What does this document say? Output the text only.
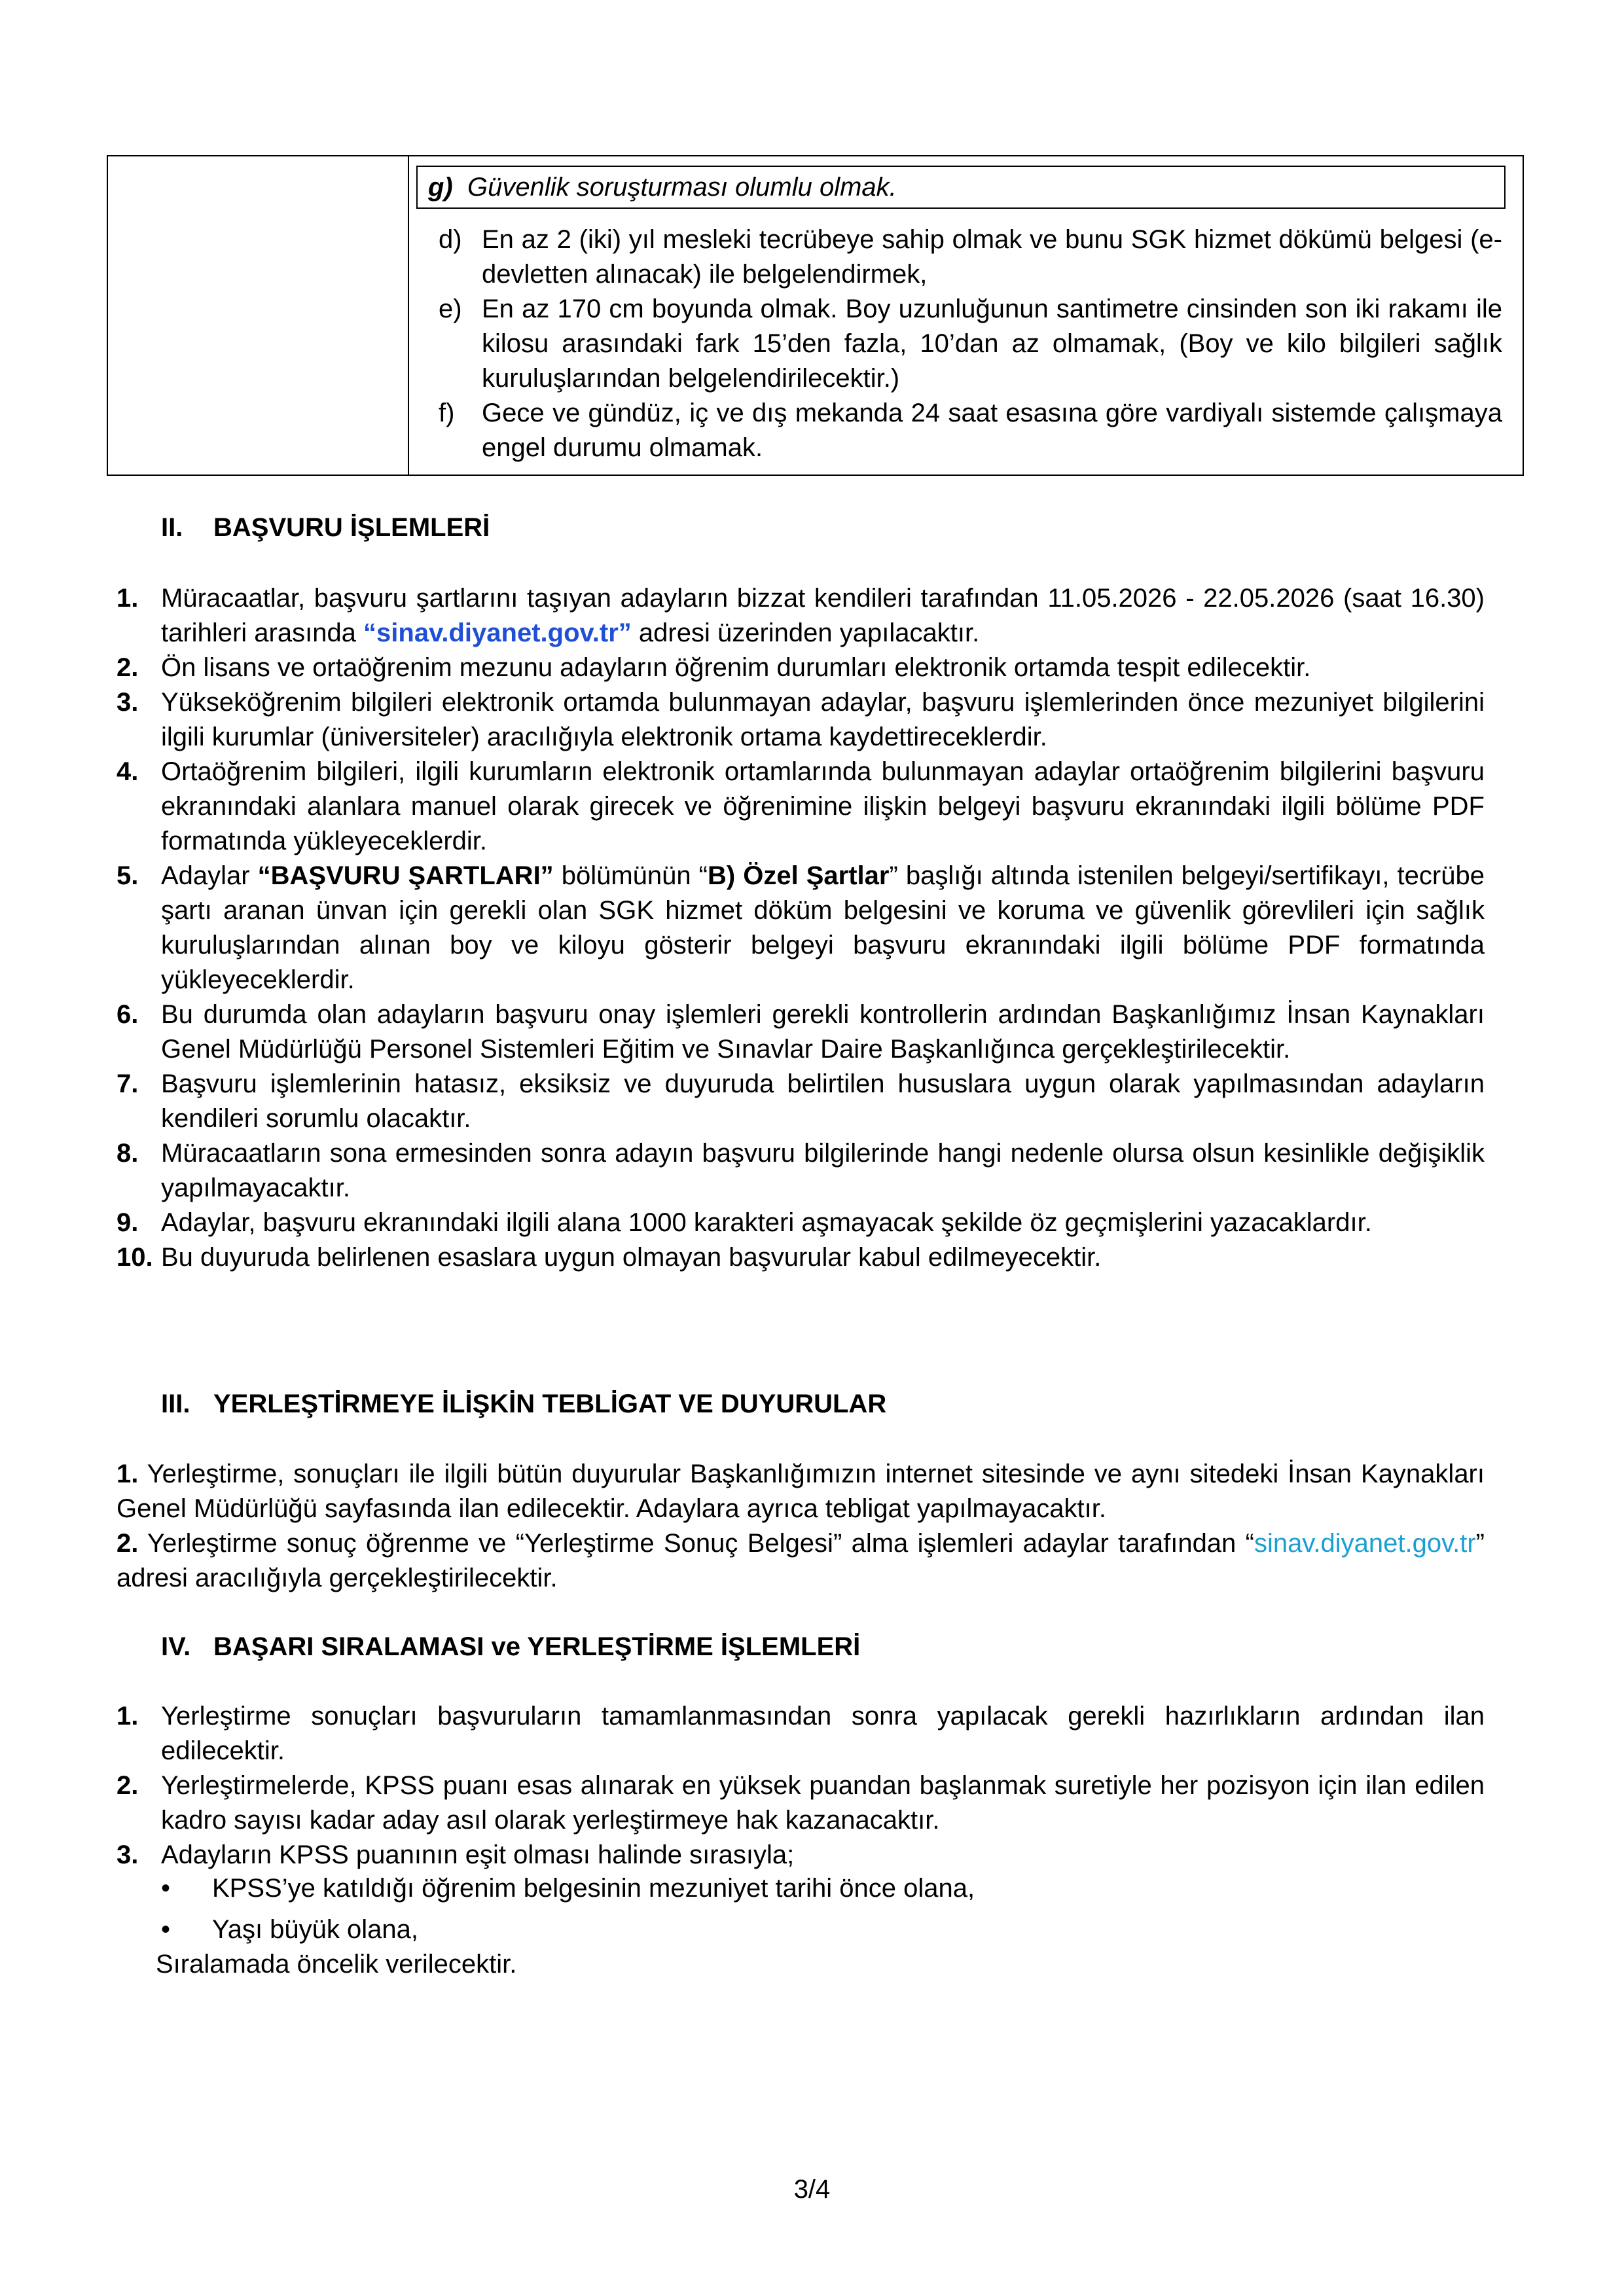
g) Güvenlik soruşturması olumlu olmak.
d) En az 2 (iki) yıl mesleki tecrübeye sahip olmak ve bunu SGK hizmet dökümü belgesi (e-devletten alınacak) ile belgelendirmek,
e) En az 170 cm boyunda olmak. Boy uzunluğunun santimetre cinsinden son iki rakamı ile kilosu arasındaki fark 15’den fazla, 10’dan az olmamak, (Boy ve kilo bilgileri sağlık kuruluşlarından belgelendirilecektir.)
f) Gece ve gündüz, iç ve dış mekanda 24 saat esasına göre vardiyalı sistemde çalışmaya engel durumu olmamak.
II. BAŞVURU İŞLEMLERİ
1. Müracaatlar, başvuru şartlarını taşıyan adayların bizzat kendileri tarafından 11.05.2026 - 22.05.2026 (saat 16.30) tarihleri arasında “sinav.diyanet.gov.tr” adresi üzerinden yapılacaktır.
2. Ön lisans ve ortaöğrenim mezunu adayların öğrenim durumları elektronik ortamda tespit edilecektir.
3. Yükseköğrenim bilgileri elektronik ortamda bulunmayan adaylar, başvuru işlemlerinden önce mezuniyet bilgilerini ilgili kurumlar (üniversiteler) aracılığıyla elektronik ortama kaydettireceklerdir.
4. Ortaöğrenim bilgileri, ilgili kurumların elektronik ortamlarında bulunmayan adaylar ortaöğrenim bilgilerini başvuru ekranındaki alanlara manuel olarak girecek ve öğrenimine ilişkin belgeyi başvuru ekranındaki ilgili bölüme PDF formatında yükleyeceklerdir.
5. Adaylar “BAŞVURU ŞARTLARI” bölümünün “B) Özel Şartlar” başlığı altında istenilen belgeyi/sertifikayı, tecrübe şartı aranan ünvan için gerekli olan SGK hizmet döküm belgesini ve koruma ve güvenlik görevlileri için sağlık kuruluşlarından alınan boy ve kiloyu gösterir belgeyi başvuru ekranındaki ilgili bölüme PDF formatında yükleyeceklerdir.
6. Bu durumda olan adayların başvuru onay işlemleri gerekli kontrollerin ardından Başkanlığımız İnsan Kaynakları Genel Müdürlüğü Personel Sistemleri Eğitim ve Sınavlar Daire Başkanlığınca gerçekleştirilecektir.
7. Başvuru işlemlerinin hatasız, eksiksiz ve duyuruda belirtilen hususlara uygun olarak yapılmasından adayların kendileri sorumlu olacaktır.
8. Müracaatların sona ermesinden sonra adayın başvuru bilgilerinde hangi nedenle olursa olsun kesinlikle değişiklik yapılmayacaktır.
9. Adaylar, başvuru ekranındaki ilgili alana 1000 karakteri aşmayacak şekilde öz geçmişlerini yazacaklardır.
10. Bu duyuruda belirlenen esaslara uygun olmayan başvurular kabul edilmeyecektir.
III. YERLEŞTİRMEYE İLİŞKİN TEBLİGAT VE DUYURULAR
1. Yerleştirme, sonuçları ile ilgili bütün duyurular Başkanlığımızın internet sitesinde ve aynı sitedeki İnsan Kaynakları Genel Müdürlüğü sayfasında ilan edilecektir. Adaylara ayrıca tebligat yapılmayacaktır.
2. Yerleştirme sonuç öğrenme ve “Yerleştirme Sonuç Belgesi” alma işlemleri adaylar tarafından “sinav.diyanet.gov.tr” adresi aracılığıyla gerçekleştirilecektir.
IV. BAŞARI SIRALAMASI ve YERLEŞTİRME İŞLEMLERİ
1. Yerleştirme sonuçları başvuruların tamamlanmasından sonra yapılacak gerekli hazırlıkların ardından ilan edilecektir.
2. Yerleştirmelerde, KPSS puanı esas alınarak en yüksek puandan başlanmak suretiyle her pozisyon için ilan edilen kadro sayısı kadar aday asıl olarak yerleştirmeye hak kazanacaktır.
3. Adayların KPSS puanının eşit olması halinde sırasıyla;
• KPSS’ye katıldığı öğrenim belgesinin mezuniyet tarihi önce olana,
• Yaşı büyük olana,
Sıralamada öncelik verilecektir.
3/4
